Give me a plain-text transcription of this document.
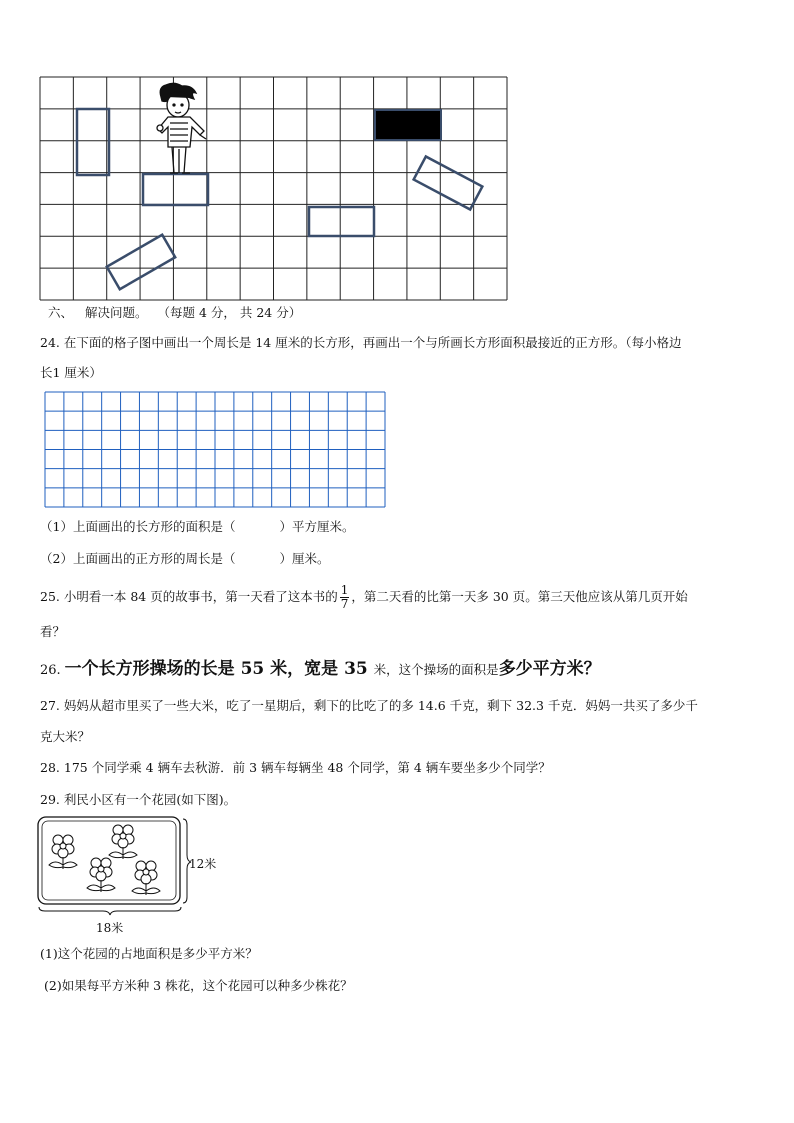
六、 解决问题。 （每题 4 分， 共 24 分）
24. 在下面的格子图中画出一个周长是 14 厘米的长方形，再画出一个与所画长方形面积最接近的正方形。（每小格边
长1 厘米）
（1）上面画出的长方形的面积是（	）平方厘米。
（2）上面画出的正方形的周长是（	）厘米。
25. 小明看一本 84 页的故事书，第一天看了这本书的 $\frac{1}{7}$ ，第二天看的比第一天多 30 页。第三天他应该从第几页开始
看？
26. 一个长方形操场的长是 55 米，宽是 35 米，这个操场的面积是多少平方米？
27. 妈妈从超市里买了一些大米，吃了一星期后，剩下的比吃了的多 14.6 千克，剩下 32.3 千克．妈妈一共买了多少千
克大米？
28. 175 个同学乘 4 辆车去秋游．前 3 辆车每辆坐 48 个同学，第 4 辆车要坐多少个同学？
29. 利民小区有一个花园(如下图)。
12米
18米
(1)这个花园的占地面积是多少平方米？
(2)如果每平方米种 3 株花，这个花园可以种多少株花？
